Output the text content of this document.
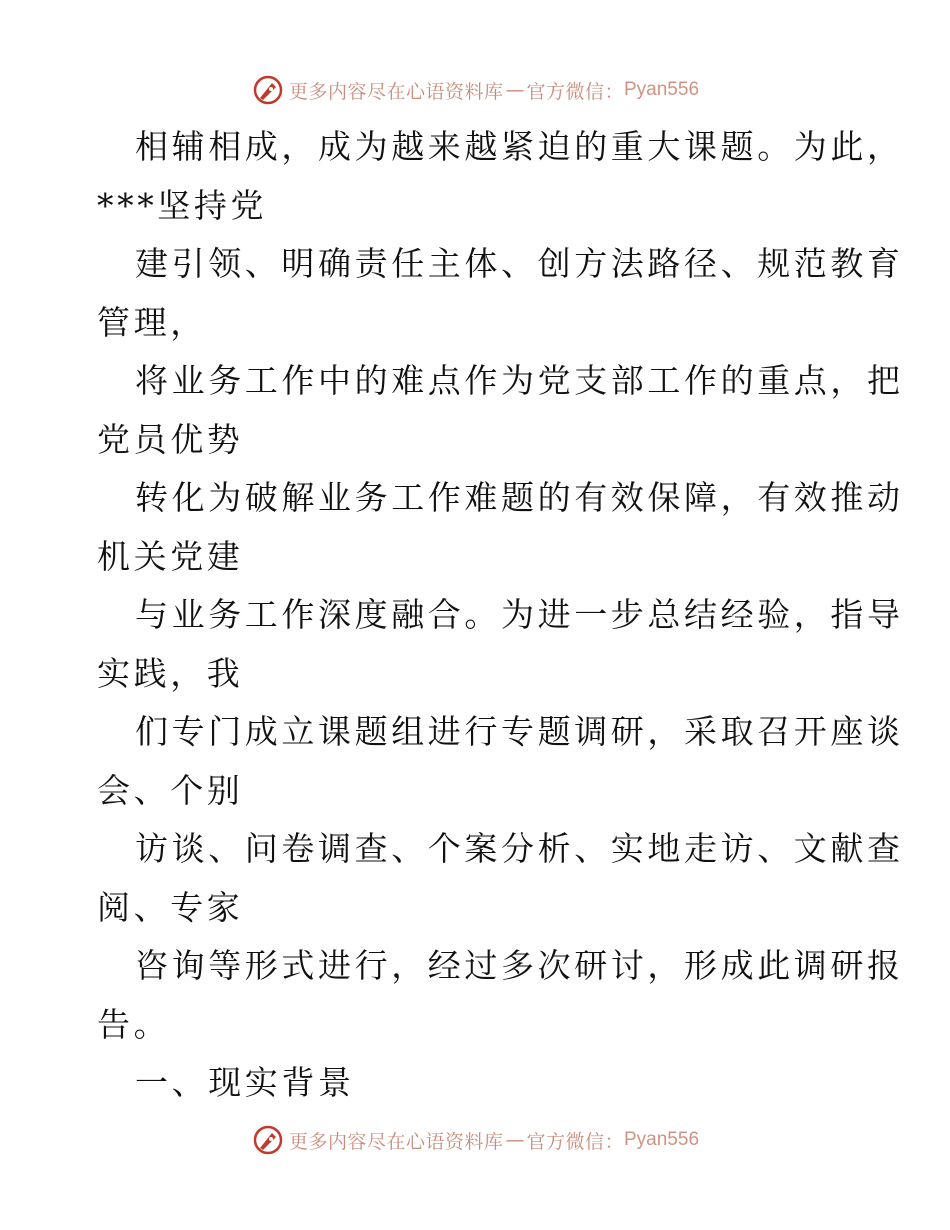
更多内容尽在心语资料库 — 官方微信： Pyan556
相辅相成，成为越来越紧迫的重大课题。为此，
***坚持党
建引领、明确责任主体、创方法路径、规范教育
管理，
将业务工作中的难点作为党支部工作的重点，把
党员优势
转化为破解业务工作难题的有效保障，有效推动
机关党建
与业务工作深度融合。为进一步总结经验，指导
实践，我
们专门成立课题组进行专题调研，采取召开座谈
会、个别
访谈、问卷调查、个案分析、实地走访、文献查
阅、专家
咨询等形式进行，经过多次研讨，形成此调研报
告。
一、现实背景
更多内容尽在心语资料库 — 官方微信： Pyan556
